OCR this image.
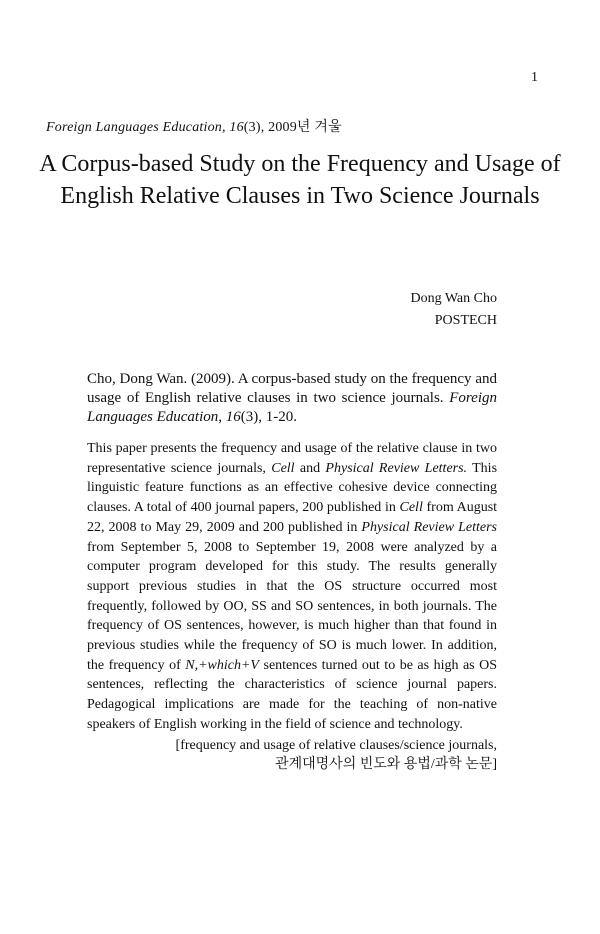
1
Foreign Languages Education, 16(3), 2009년 겨울
A Corpus-based Study on the Frequency and Usage of English Relative Clauses in Two Science Journals
Dong Wan Cho
POSTECH

Cho, Dong Wan. (2009). A corpus-based study on the frequency and usage of English relative clauses in two science journals. Foreign Languages Education, 16(3), 1-20.

This paper presents the frequency and usage of the relative clause in two representative science journals, Cell and Physical Review Letters. This linguistic feature functions as an effective cohesive device connecting clauses. A total of 400 journal papers, 200 published in Cell from August 22, 2008 to May 29, 2009 and 200 published in Physical Review Letters from September 5, 2008 to September 19, 2008 were analyzed by a computer program developed for this study. The results generally support previous studies in that the OS structure occurred most frequently, followed by OO, SS and SO sentences, in both journals. The frequency of OS sentences, however, is much higher than that found in previous studies while the frequency of SO is much lower. In addition, the frequency of N,+which+V sentences turned out to be as high as OS sentences, reflecting the characteristics of science journal papers. Pedagogical implications are made for the teaching of non-native speakers of English working in the field of science and technology.

[frequency and usage of relative clauses/science journals,
관계대명사의 빈도와 용법/과학 논문]
